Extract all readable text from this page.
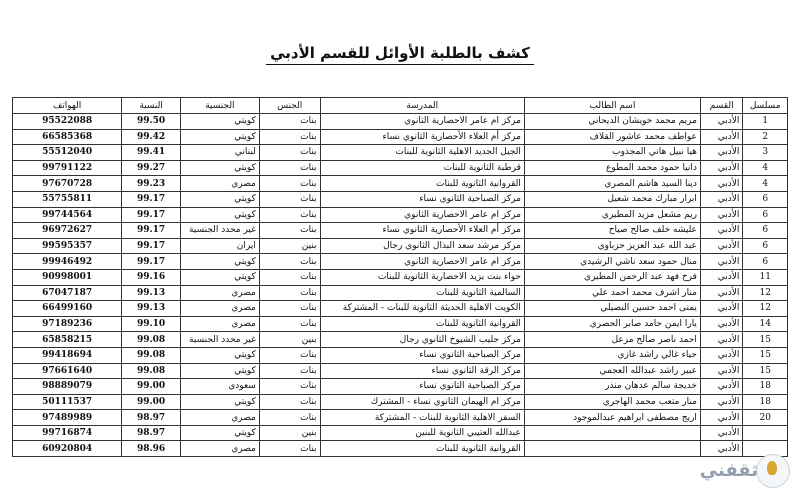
كشف بالطلبة الأوائل للقسم الأدبي
الهواتف	النسبة	الجنسية	الجنس	المدرسة	اسم الطالب	القسم	مسلسل
95522088	99.50	كويتي	بنات	مركز ام عامر الاحصارية الثانوي	مريم محمد خويشان الديحاني	الأدبي	1
66585368	99.42	كويتي	بنات	مركز أم العلاء الأحصارية الثانوي نساء	عواطف محمد عاشور القلاف	الأدبي	2
55512040	99.41	لبناني	بنات	الجيل الجديد الاهلية الثانوية للبنات	هيا نبيل هاني المجذوب	الأدبي	3
99791122	99.27	كويتي	بنات	قرطبة الثانوية للبنات	دانيا حمود محمد المطوع	الأدبي	4
97670728	99.23	مصري	بنات	القروانية الثانوية للبنات	دينا السيد هاشم المصري	الأدبي	4
55755811	99.17	كويتي	بنات	مركز الصباحية الثانوي نساء	ابرار مبارك محمد شعيل	الأدبي	6
99744564	99.17	كويتي	بنات	مركز ام عامر الاحصارية الثانوي	ريم مشعل مزيد المطيري	الأدبي	6
96972627	99.17	غير محدد الجنسية	بنات	مركز أم العلاء الأحصارية الثانوي نساء	عليشه خلف صالح صياح	الأدبي	6
99595357	99.17	ايران	بنين	مركز مرشد سعد البذال الثانوي رجال	عبد الله عبد العزيز حزباوي	الأدبي	6
99946492	99.17	كويتي	بنات	مركز ام عامر الاحصارية الثانوي	منال حمود سعد ناشي الرشيدي	الأدبي	6
90998001	99.16	كويتي	بنات	حواء بنت يزيد الاحصارية الثانوية للبنات	فرح فهد عبد الرحمن المطيري	الأدبي	11
67047187	99.13	مصري	بنات	السالمية الثانوية للبنات	منار اشرف محمد احمد علي	الأدبي	12
66499160	99.13	مصري	بنات	الكويت الاهلية الحديثة الثانوية للبنات - المشتركة	يمنى احمد حسين البصيلي	الأدبي	12
97189236	99.10	مصري	بنات	القروانية الثانوية للبنات	يارا ايمن حامد صابر الحصري	الأدبي	14
65858215	99.08	غير محدد الجنسية	بنين	مركز جليب الشيوخ الثانوي رجال	احمد ناصر صالح مزعل	الأدبي	15
99418694	99.08	كويتي	بنات	مركز الصباحية الثانوي نساء	حياء غالي راشد غازي	الأدبي	15
97661640	99.08	كويتي	بنات	مركز الرقة الثانوي نساء	عبير راشد عبدالله العجمي	الأدبي	15
98889079	99.00	سعودي	بنات	مركز الصباحية الثانوي نساء	خديجة سالم عدهان منذر	الأدبي	18
50111537	99.00	كويتي	بنات	مركز ام الهيمان الثانوي نساء - المشترك	منار متعب محمد الهاجري	الأدبي	18
97489989	98.97	مصري	بنات	السفر الاهلية الثانوية للبنات - المشتركة	اريج مصطفى ابراهيم عبدالموجود	الأدبي	20
99716874	98.97	كويتي	بنين	عبدالله العتيبي الثانوية للبنين		الأدبي	
60920804	98.96	مصري	بنات	القروانية الثانوية للبنات		الأدبي	
ثقفني
